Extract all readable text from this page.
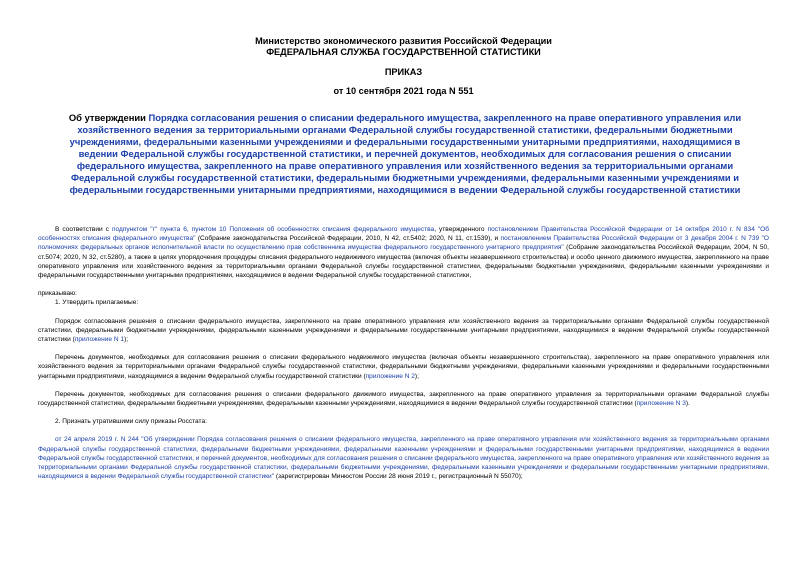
Министерство экономического развития Российской Федерации
ФЕДЕРАЛЬНАЯ СЛУЖБА ГОСУДАРСТВЕННОЙ СТАТИСТИКИ
ПРИКАЗ
от 10 сентября 2021 года N 551
Об утверждении Порядка согласования решения о списании федерального имущества, закрепленного на праве оперативного управления или хозяйственного ведения за территориальными органами Федеральной службы государственной статистики, федеральными бюджетными учреждениями, федеральными казенными учреждениями и федеральными государственными унитарными предприятиями, находящимися в ведении Федеральной службы государственной статистики, и перечней документов, необходимых для согласования решения о списании федерального имущества, закрепленного на праве оперативного управления или хозяйственного ведения за территориальными органами Федеральной службы государственной статистики, федеральными бюджетными учреждениями, федеральными казенными учреждениями и федеральными государственными унитарными предприятиями, находящимися в ведении Федеральной службы государственной статистики

В соответствии с подпунктом "г" пункта 6, пунктом 10 Положения об особенностях списания федерального имущества, утвержденного постановлением Правительства Российской Федерации от 14 октября 2010 г. N 834 "Об особенностях списания федерального имущества" (Собрание законодательства Российской Федерации, 2010, N 42, ст.5402; 2020, N 11, ст.1539), и постановлением Правительства Российской Федерации от 3 декабря 2004 г. N 739 "О полномочиях федеральных органов исполнительной власти по осуществлению прав собственника имущества федерального государственного унитарного предприятия" (Собрание законодательства Российской Федерации, 2004, N 50, ст.5074; 2020, N 32, ст.5280), а также в целях упорядочения процедуры списания федерального недвижимого имущества (включая объекты незавершенного строительства) и особо ценного движимого имущества, закрепленного на праве оперативного управления или хозяйственного ведения за территориальными органами Федеральной службы государственной статистики, федеральными бюджетными учреждениями, федеральными казенными учреждениями и федеральными государственными унитарными предприятиями, находящимися в ведении Федеральной службы государственной статистики,

приказываю:

1. Утвердить прилагаемые:

Порядок согласования решения о списании федерального имущества, закрепленного на праве оперативного управления или хозяйственного ведения за территориальными органами Федеральной службы государственной статистики, федеральными бюджетными учреждениями, федеральными казенными учреждениями и федеральными государственными унитарными предприятиями, находящимися в ведении Федеральной службы государственной статистики (приложение N 1);

Перечень документов, необходимых для согласования решения о списании федерального недвижимого имущества (включая объекты незавершенного строительства), закрепленного на праве оперативного управления или хозяйственного ведения за территориальными органами Федеральной службы государственной статистики, федеральными бюджетными учреждениями, федеральными казенными учреждениями и федеральными государственными унитарными предприятиями, находящимися в ведении Федеральной службы государственной статистики (приложение N 2);

Перечень документов, необходимых для согласования решения о списании федерального движимого имущества, закрепленного на праве оперативного управления за территориальными органами Федеральной службы государственной статистики, федеральными бюджетными учреждениями, федеральными казенными учреждениями, находящимися в ведении Федеральной службы государственной статистики (приложение N 3).

2. Признать утратившими силу приказы Росстата:

от 24 апреля 2019 г. N 244 "Об утверждении Порядка согласования решения о списании федерального имущества, закрепленного на праве оперативного управления или хозяйственного ведения за территориальными органами Федеральной службы государственной статистики, федеральными бюджетными учреждениями, федеральными казенными учреждениями и федеральными государственными унитарными предприятиями, находящимися в ведении Федеральной службы государственной статистики, и перечней документов, необходимых для согласования решения о списании федерального имущества, закрепленного на праве оперативного управления или хозяйственного ведения за территориальными органами Федеральной службы государственной статистики, федеральными бюджетными учреждениями, федеральными казенными учреждениями и федеральными государственными унитарными предприятиями, находящимися в ведении Федеральной службы государственной статистики" (зарегистрирован Минюстом России 28 июня 2019 г., регистрационный N 55070);
